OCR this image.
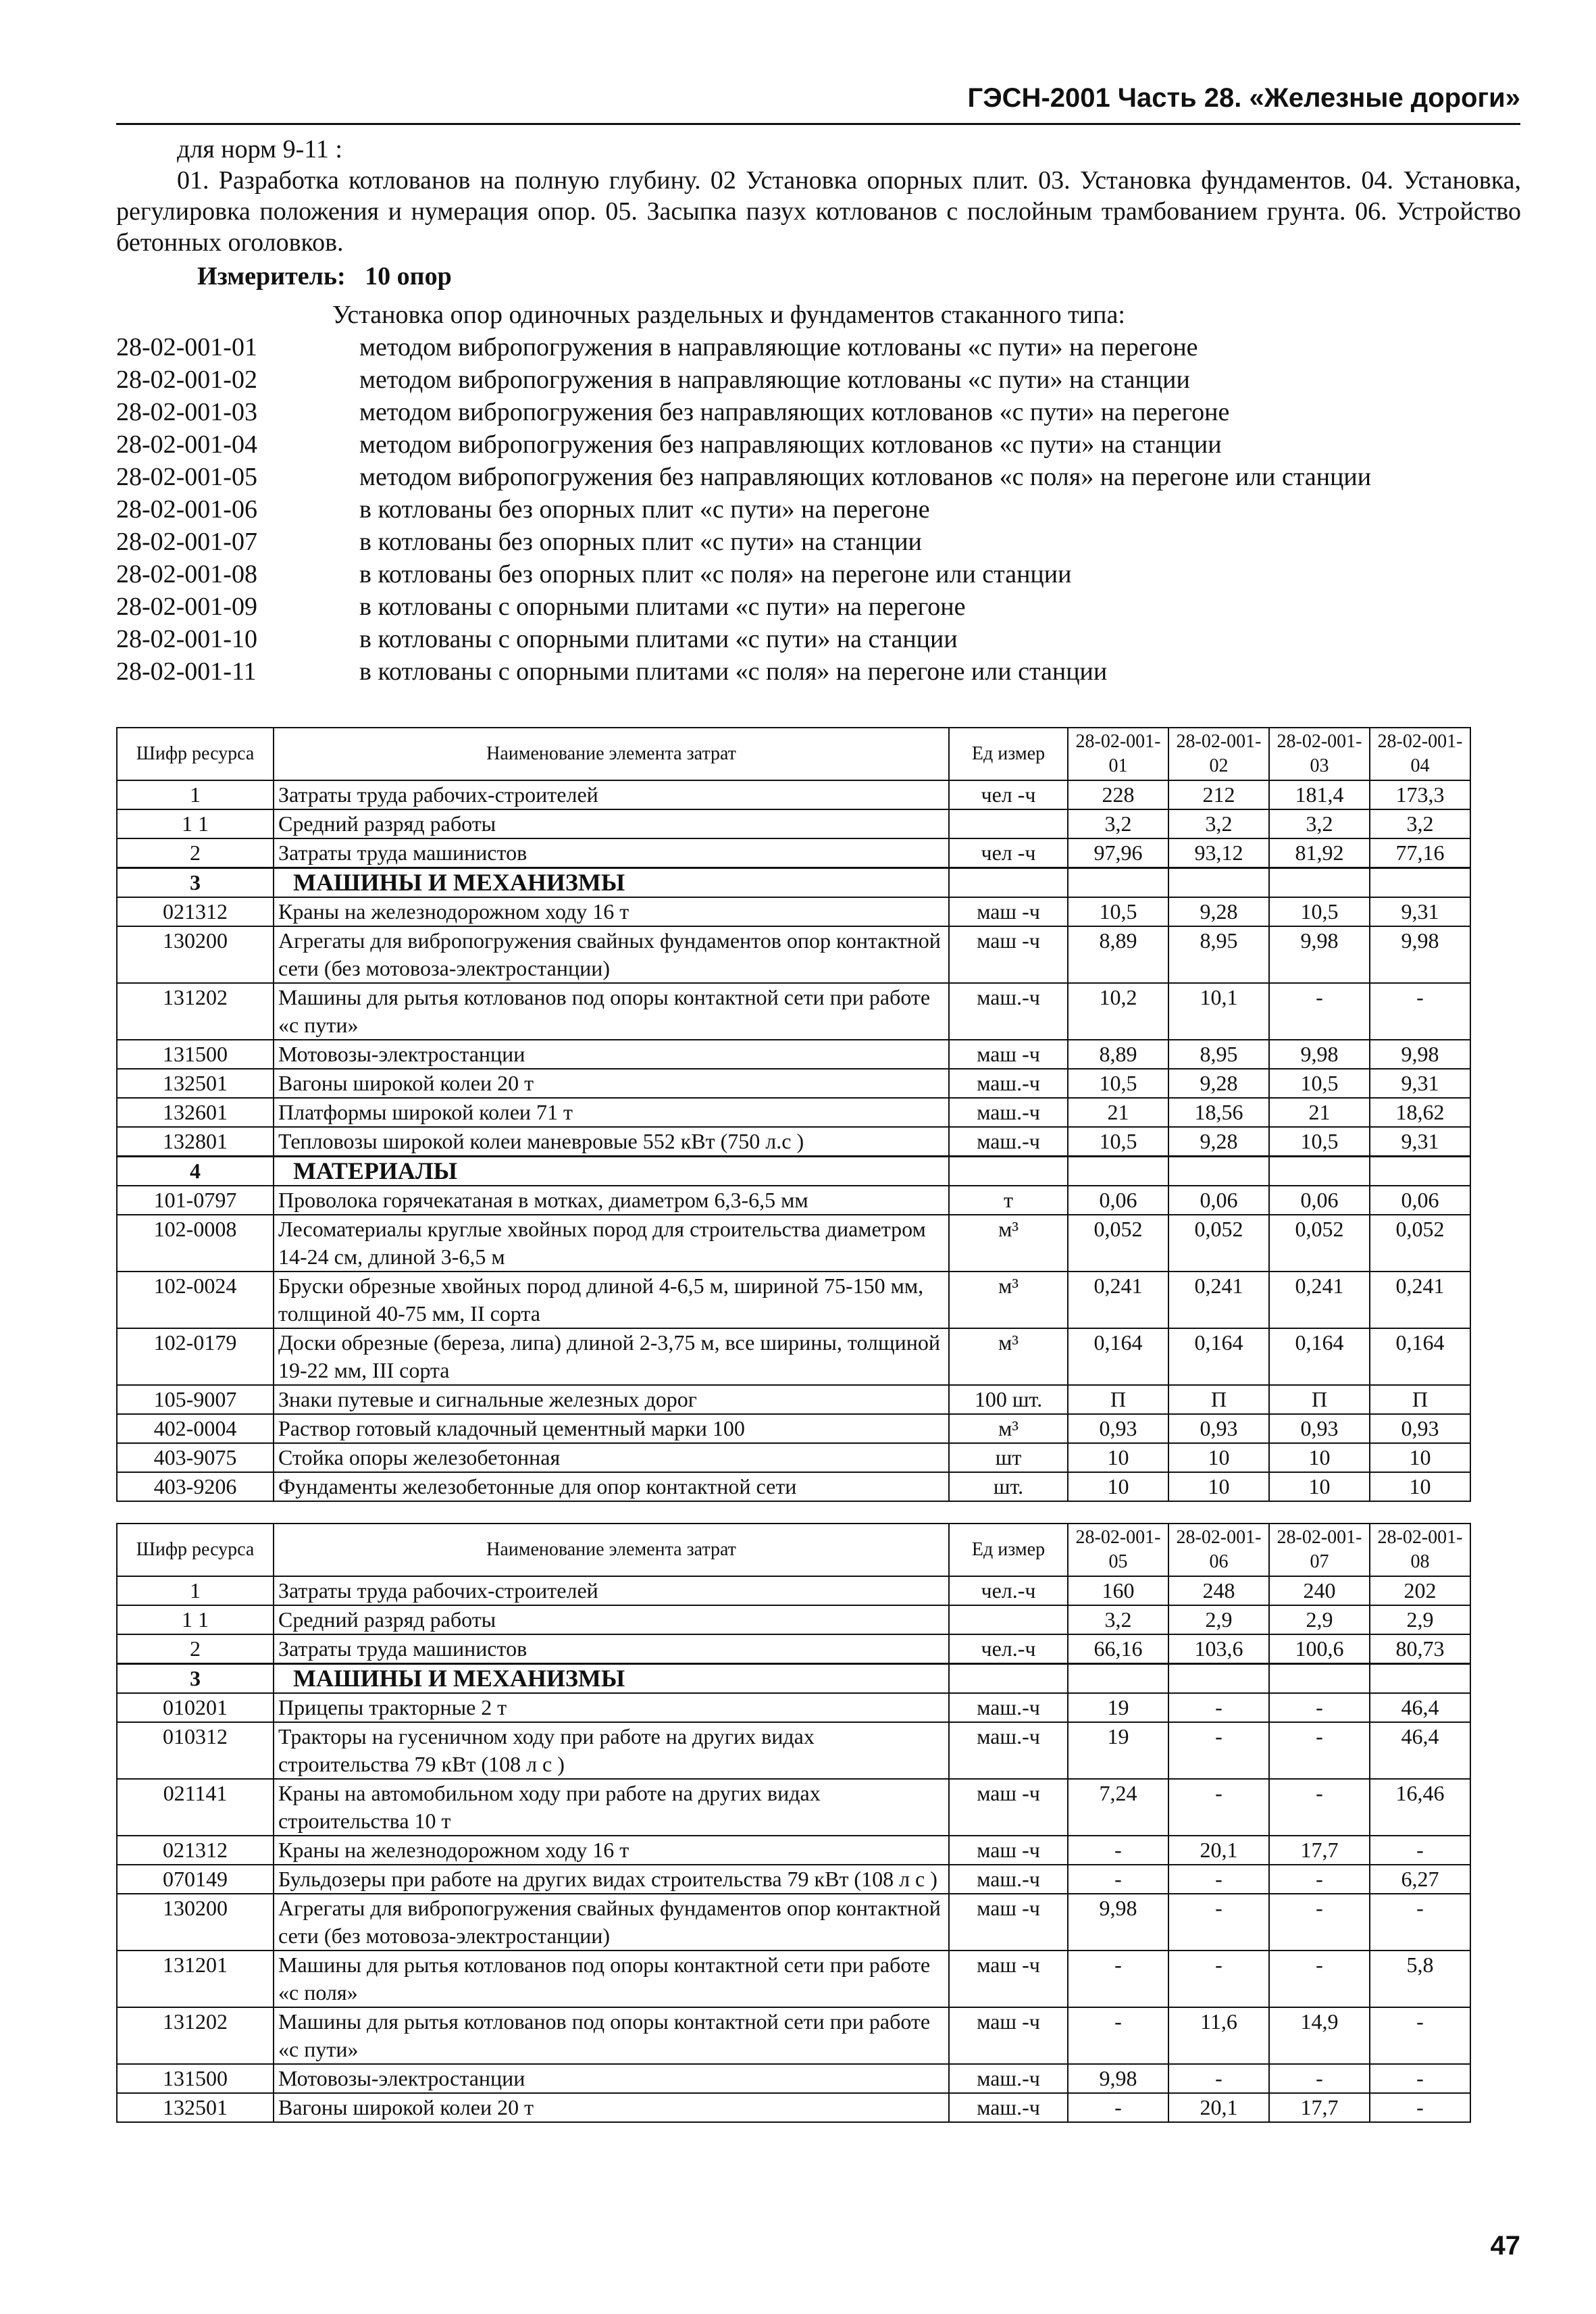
ГЭСН-2001 Часть 28. «Железные дороги»

для норм 9-11 :

01. Разработка котлованов на полную глубину. 02 Установка опорных плит. 03. Установка фундаментов. 04. Установка, регулировка положения и нумерация опор. 05. Засыпка пазух котлованов с послойным трамбованием грунта. 06. Устройство бетонных оголовков.

Измеритель: 10 опор

Установка опор одиночных раздельных и фундаментов стаканного типа:
28-02-001-01	методом вибропогружения в направляющие котлованы «с пути» на перегоне
28-02-001-02	методом вибропогружения в направляющие котлованы «с пути» на станции
28-02-001-03	методом вибропогружения без направляющих котлованов «с пути» на перегоне
28-02-001-04	методом вибропогружения без направляющих котлованов «с пути» на станции
28-02-001-05	методом вибропогружения без направляющих котлованов «с поля» на перегоне или станции
28-02-001-06	в котлованы без опорных плит «с пути» на перегоне
28-02-001-07	в котлованы без опорных плит «с пути» на станции
28-02-001-08	в котлованы без опорных плит «с поля» на перегоне или станции
28-02-001-09	в котлованы с опорными плитами «с пути» на перегоне
28-02-001-10	в котлованы с опорными плитами «с пути» на станции
28-02-001-11	в котлованы с опорными плитами «с поля» на перегоне или станции
Шифр ресурса	Наименование элемента затрат	Ед измер	28-02-001-01	28-02-001-02	28-02-001-03	28-02-001-04
1	Затраты труда рабочих-строителей	чел -ч	228	212	181,4	173,3
1 1	Средний разряд работы		3,2	3,2	3,2	3,2
2	Затраты труда машинистов	чел -ч	97,96	93,12	81,92	77,16
3	МАШИНЫ И МЕХАНИЗМЫ					
021312	Краны на железнодорожном ходу 16 т	маш -ч	10,5	9,28	10,5	9,31
130200	Агрегаты для вибропогружения свайных фундаментов опор контактной сети (без мотовоза-электростанции)	маш -ч	8,89	8,95	9,98	9,98
131202	Машины для рытья котлованов под опоры контактной сети при работе «с пути»	маш.-ч	10,2	10,1	-	-
131500	Мотовозы-электростанции	маш -ч	8,89	8,95	9,98	9,98
132501	Вагоны широкой колеи 20 т	маш.-ч	10,5	9,28	10,5	9,31
132601	Платформы широкой колеи 71 т	маш.-ч	21	18,56	21	18,62
132801	Тепловозы широкой колеи маневровые 552 кВт (750 л.с )	маш.-ч	10,5	9,28	10,5	9,31
4	МАТЕРИАЛЫ					
101-0797	Проволока горячекатаная в мотках, диаметром 6,3-6,5 мм	т	0,06	0,06	0,06	0,06
102-0008	Лесоматериалы круглые хвойных пород для строительства диаметром 14-24 см, длиной 3-6,5 м	м³	0,052	0,052	0,052	0,052
102-0024	Бруски обрезные хвойных пород длиной 4-6,5 м, шириной 75-150 мм, толщиной 40-75 мм, II сорта	м³	0,241	0,241	0,241	0,241
102-0179	Доски обрезные (береза, липа) длиной 2-3,75 м, все ширины, толщиной 19-22 мм, III сорта	м³	0,164	0,164	0,164	0,164
105-9007	Знаки путевые и сигнальные железных дорог	100 шт.	П	П	П	П
402-0004	Раствор готовый кладочный цементный марки 100	м³	0,93	0,93	0,93	0,93
403-9075	Стойка опоры железобетонная	шт	10	10	10	10
403-9206	Фундаменты железобетонные для опор контактной сети	шт.	10	10	10	10
Шифр ресурса	Наименование элемента затрат	Ед измер	28-02-001-05	28-02-001-06	28-02-001-07	28-02-001-08
1	Затраты труда рабочих-строителей	чел.-ч	160	248	240	202
1 1	Средний разряд работы		3,2	2,9	2,9	2,9
2	Затраты труда машинистов	чел.-ч	66,16	103,6	100,6	80,73
3	МАШИНЫ И МЕХАНИЗМЫ					
010201	Прицепы тракторные 2 т	маш.-ч	19	-	-	46,4
010312	Тракторы на гусеничном ходу при работе на других видах строительства 79 кВт (108 л с )	маш.-ч	19	-	-	46,4
021141	Краны на автомобильном ходу при работе на других видах строительства 10 т	маш -ч	7,24	-	-	16,46
021312	Краны на железнодорожном ходу 16 т	маш -ч	-	20,1	17,7	-
070149	Бульдозеры при работе на других видах строительства 79 кВт (108 л с )	маш.-ч	-	-	-	6,27
130200	Агрегаты для вибропогружения свайных фундаментов опор контактной сети (без мотовоза-электростанции)	маш -ч	9,98	-	-	-
131201	Машины для рытья котлованов под опоры контактной сети при работе «с поля»	маш -ч	-	-	-	5,8
131202	Машины для рытья котлованов под опоры контактной сети при работе «с пути»	маш -ч	-	11,6	14,9	-
131500	Мотовозы-электростанции	маш.-ч	9,98	-	-	-
132501	Вагоны широкой колеи 20 т	маш.-ч	-	20,1	17,7	-
47
